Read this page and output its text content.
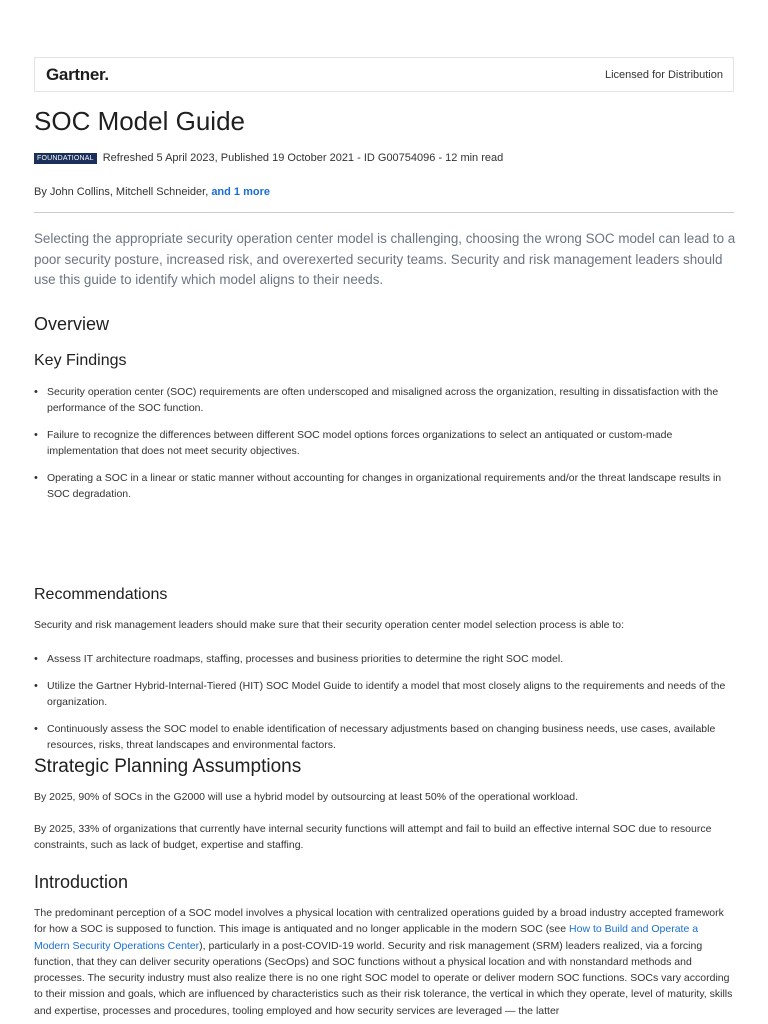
Gartner.	Licensed for Distribution
SOC Model Guide
FOUNDATIONAL Refreshed 5 April 2023, Published 19 October 2021 - ID G00754096 - 12 min read
By John Collins, Mitchell Schneider, and 1 more

Selecting the appropriate security operation center model is challenging, choosing the wrong SOC model can lead to a poor security posture, increased risk, and overexerted security teams. Security and risk management leaders should use this guide to identify which model aligns to their needs.

Overview
Key Findings
• Security operation center (SOC) requirements are often underscoped and misaligned across the organization, resulting in dissatisfaction with the performance of the SOC function.
• Failure to recognize the differences between different SOC model options forces organizations to select an antiquated or custom-made implementation that does not meet security objectives.
• Operating a SOC in a linear or static manner without accounting for changes in organizational requirements and/or the threat landscape results in SOC degradation.
Recommendations

Security and risk management leaders should make sure that their security operation center model selection process is able to:

• Assess IT architecture roadmaps, staffing, processes and business priorities to determine the right SOC model.
• Utilize the Gartner Hybrid-Internal-Tiered (HIT) SOC Model Guide to identify a model that most closely aligns to the requirements and needs of the organization.
• Continuously assess the SOC model to enable identification of necessary adjustments based on changing business needs, use cases, available resources, risks, threat landscapes and environmental factors.
Strategic Planning Assumptions

By 2025, 90% of SOCs in the G2000 will use a hybrid model by outsourcing at least 50% of the operational workload.

By 2025, 33% of organizations that currently have internal security functions will attempt and fail to build an effective internal SOC due to resource constraints, such as lack of budget, expertise and staffing.

Introduction

The predominant perception of a SOC model involves a physical location with centralized operations guided by a broad industry accepted framework for how a SOC is supposed to function. This image is antiquated and no longer applicable in the modern SOC (see How to Build and Operate a Modern Security Operations Center), particularly in a post-COVID-19 world. Security and risk management (SRM) leaders realized, via a forcing function, that they can deliver security operations (SecOps) and SOC functions without a physical location and with nonstandard methods and processes. The security industry must also realize there is no one right SOC model to operate or deliver modern SOC functions. SOCs vary according to their mission and goals, which are influenced by characteristics such as their risk tolerance, the vertical in which they operate, level of maturity, skills and expertise, processes and procedures, tooling employed and how security services are leveraged — the latter
